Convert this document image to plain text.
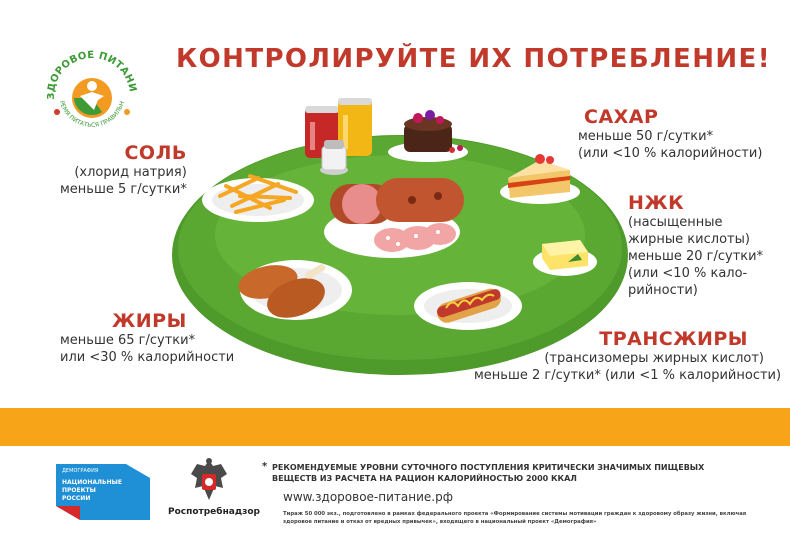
ЗДОРОВОЕ ПИТАНИ
РЕМЯ ПИТАТЬСЯ ПРАВИЛЬН
КОНТРОЛИРУЙТЕ ИХ ПОТРЕБЛЕНИЕ!
СОЛЬ
(хлорид натрия)
меньше 5 г/сутки*
ЖИРЫ
меньше 65 г/сутки*
или <30 % калорийности
САХАР
меньше 50 г/сутки*
(или <10 % калорийности)
НЖК
(насыщенные
жирные кислоты)
меньше 20 г/сутки*
(или <10 % кало-
рийности)
ТРАНСЖИРЫ
(трансизомеры жирных кислот)
меньше 2 г/сутки* (или <1 % калорийности)
ДЕМОГРАФИЯ
НАЦИОНАЛЬНЫЕ
ПРОЕКТЫ
РОССИИ
Роспотребнадзор
* РЕКОМЕНДУЕМЫЕ УРОВНИ СУТОЧНОГО ПОСТУПЛЕНИЯ КРИТИЧЕСКИ ЗНАЧИМЫХ ПИЩЕВЫХ ВЕЩЕСТВ ИЗ РАСЧЕТА НА РАЦИОН КАЛОРИЙНОСТЬЮ 2000 ККАЛ
www.здоровое-питание.рф
Тираж 50 000 экз., подготовлено в рамках федерального проекта «Формирование системы мотивации граждан к здоровому образу жизни, включая здоровое питание и отказ от вредных привычек», входящего в национальный проект «Демография»
